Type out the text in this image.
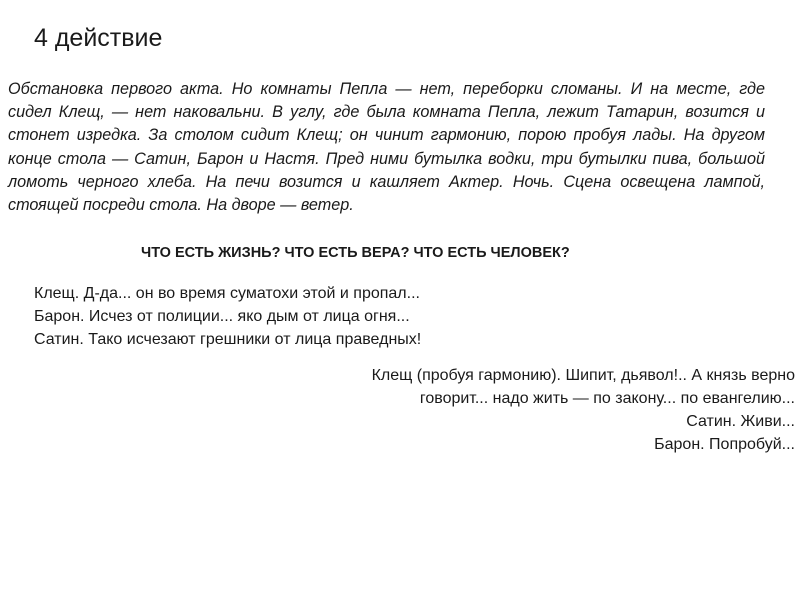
4 действие
Обстановка первого акта. Но комнаты Пепла — нет, переборки сломаны. И на месте, где сидел Клещ, — нет наковальни. В углу, где была комната Пепла, лежит Татарин, возится и стонет изредка. За столом сидит Клещ; он чинит гармонию, порою пробуя лады. На другом конце стола — Сатин, Барон и Настя. Пред ними бутылка водки, три бутылки пива, большой ломоть черного хлеба. На печи возится и кашляет Актер. Ночь. Сцена освещена лампой, стоящей посреди стола. На дворе — ветер.
ЧТО ЕСТЬ ЖИЗНЬ? ЧТО ЕСТЬ ВЕРА? ЧТО ЕСТЬ ЧЕЛОВЕК?
Клещ. Д-да... он во время суматохи этой и пропал...
Барон. Исчез от полиции... яко дым от лица огня...
Сатин. Тако исчезают грешники от лица праведных!
Клещ (пробуя гармонию). Шипит, дьявол!.. А князь верно
говорит... надо жить — по закону... по евангелию...
Сатин. Живи...
Барон. Попробуй...
